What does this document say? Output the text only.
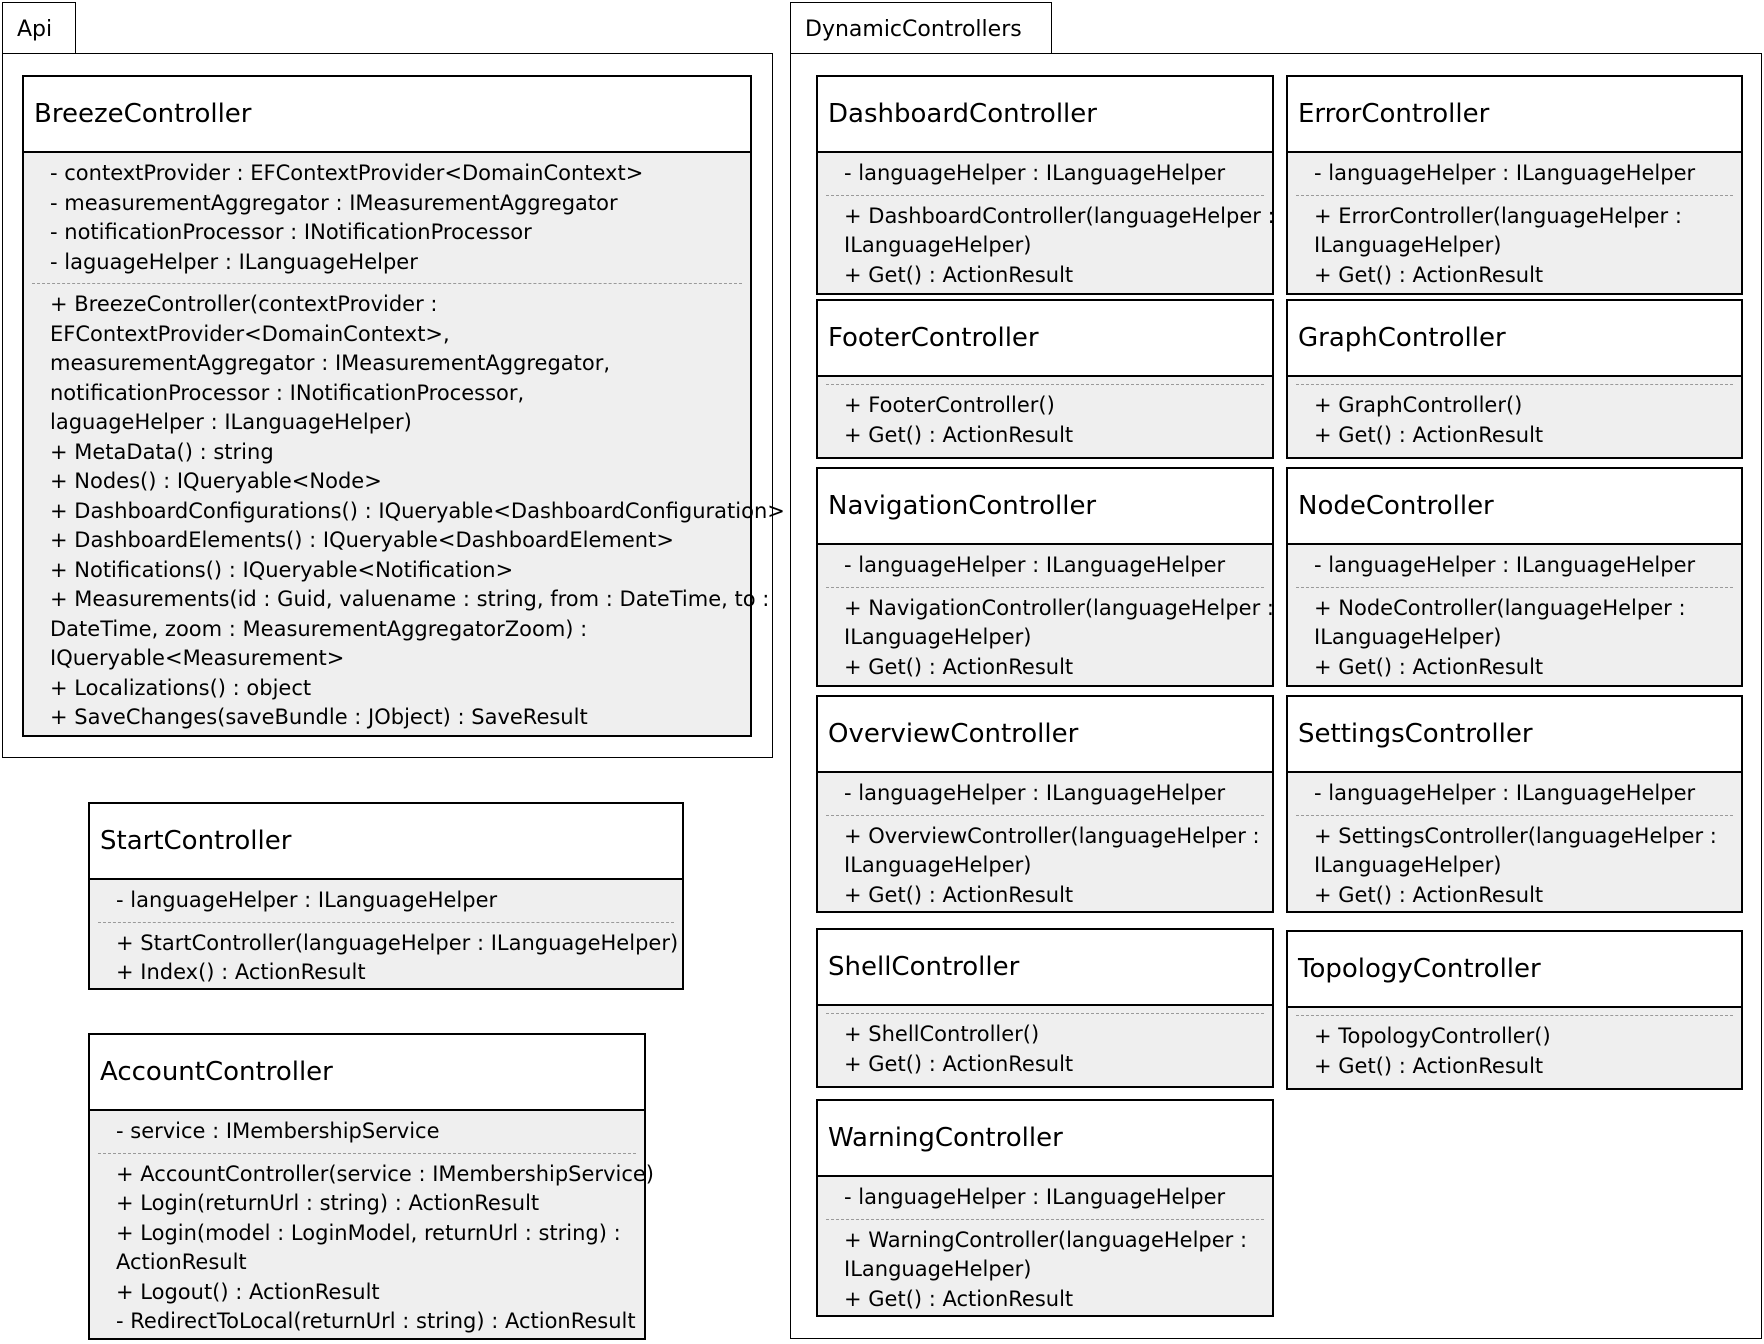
Api	DynamicControllers
BreezeController
- contextProvider : EFContextProvider<DomainContext>
- measurementAggregator : IMeasurementAggregator
- notificationProcessor : INotificationProcessor
- laguageHelper : ILanguageHelper
+ BreezeController(contextProvider :
EFContextProvider<DomainContext>,
measurementAggregator : IMeasurementAggregator,
notificationProcessor : INotificationProcessor,
laguageHelper : ILanguageHelper)
+ MetaData() : string
+ Nodes() : IQueryable<Node>
+ DashboardConfigurations() : IQueryable<DashboardConfiguration>
+ DashboardElements() : IQueryable<DashboardElement>
+ Notifications() : IQueryable<Notification>
+ Measurements(id : Guid, valuename : string, from : DateTime, to :
DateTime, zoom : MeasurementAggregatorZoom) :
IQueryable<Measurement>
+ Localizations() : object
+ SaveChanges(saveBundle : JObject) : SaveResult
StartController
- languageHelper : ILanguageHelper
+ StartController(languageHelper : ILanguageHelper)
+ Index() : ActionResult
AccountController
- service : IMembershipService
+ AccountController(service : IMembershipService)
+ Login(returnUrl : string) : ActionResult
+ Login(model : LoginModel, returnUrl : string) :
ActionResult
+ Logout() : ActionResult
- RedirectToLocal(returnUrl : string) : ActionResult
DashboardController
- languageHelper : ILanguageHelper
+ DashboardController(languageHelper :
ILanguageHelper)
+ Get() : ActionResult
ErrorController
- languageHelper : ILanguageHelper
+ ErrorController(languageHelper :
ILanguageHelper)
+ Get() : ActionResult
FooterController
+ FooterController()
+ Get() : ActionResult
GraphController
+ GraphController()
+ Get() : ActionResult
NavigationController
- languageHelper : ILanguageHelper
+ NavigationController(languageHelper :
ILanguageHelper)
+ Get() : ActionResult
NodeController
- languageHelper : ILanguageHelper
+ NodeController(languageHelper :
ILanguageHelper)
+ Get() : ActionResult
OverviewController
- languageHelper : ILanguageHelper
+ OverviewController(languageHelper :
ILanguageHelper)
+ Get() : ActionResult
SettingsController
- languageHelper : ILanguageHelper
+ SettingsController(languageHelper :
ILanguageHelper)
+ Get() : ActionResult
ShellController
+ ShellController()
+ Get() : ActionResult
TopologyController
+ TopologyController()
+ Get() : ActionResult
WarningController
- languageHelper : ILanguageHelper
+ WarningController(languageHelper :
ILanguageHelper)
+ Get() : ActionResult
